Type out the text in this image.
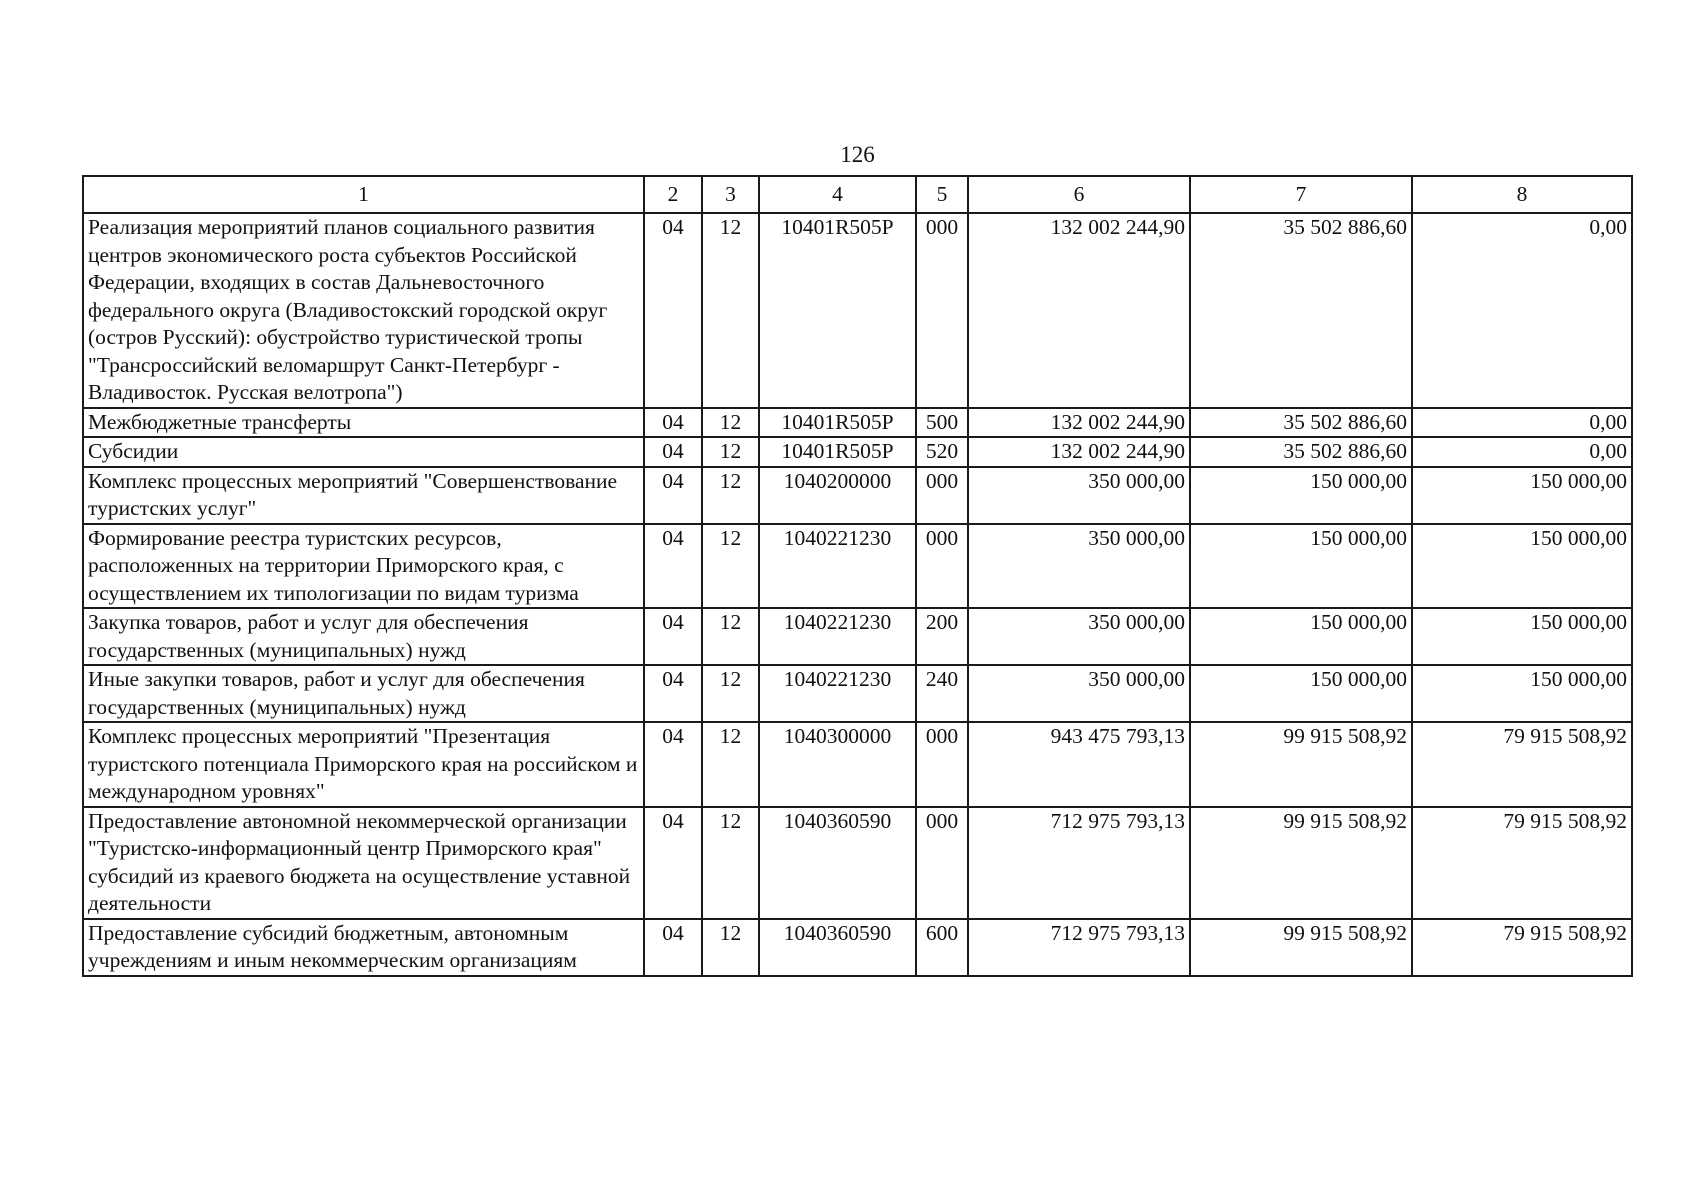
126
1	2	3	4	5	6	7	8
Реализация мероприятий планов социального развития центров экономического роста субъектов Российской Федерации, входящих в состав Дальневосточного федерального округа (Владивостокский городской округ (остров Русский): обустройство туристической тропы "Трансроссийский веломаршрут Санкт-Петербург - Владивосток. Русская велотропа")	04	12	10401R505P	000	132 002 244,90	35 502 886,60	0,00
Межбюджетные трансферты	04	12	10401R505P	500	132 002 244,90	35 502 886,60	0,00
Субсидии	04	12	10401R505P	520	132 002 244,90	35 502 886,60	0,00
Комплекс процессных мероприятий "Совершенствование туристских услуг"	04	12	1040200000	000	350 000,00	150 000,00	150 000,00
Формирование реестра туристских ресурсов, расположенных на территории Приморского края, с осуществлением их типологизации по видам туризма	04	12	1040221230	000	350 000,00	150 000,00	150 000,00
Закупка товаров, работ и услуг для обеспечения государственных (муниципальных) нужд	04	12	1040221230	200	350 000,00	150 000,00	150 000,00
Иные закупки товаров, работ и услуг для обеспечения государственных (муниципальных) нужд	04	12	1040221230	240	350 000,00	150 000,00	150 000,00
Комплекс процессных мероприятий "Презентация туристского потенциала Приморского края на российском и международном уровнях"	04	12	1040300000	000	943 475 793,13	99 915 508,92	79 915 508,92
Предоставление автономной некоммерческой организации "Туристско-информационный центр Приморского края" субсидий из краевого бюджета на осуществление уставной деятельности	04	12	1040360590	000	712 975 793,13	99 915 508,92	79 915 508,92
Предоставление субсидий бюджетным, автономным учреждениям и иным некоммерческим организациям	04	12	1040360590	600	712 975 793,13	99 915 508,92	79 915 508,92
